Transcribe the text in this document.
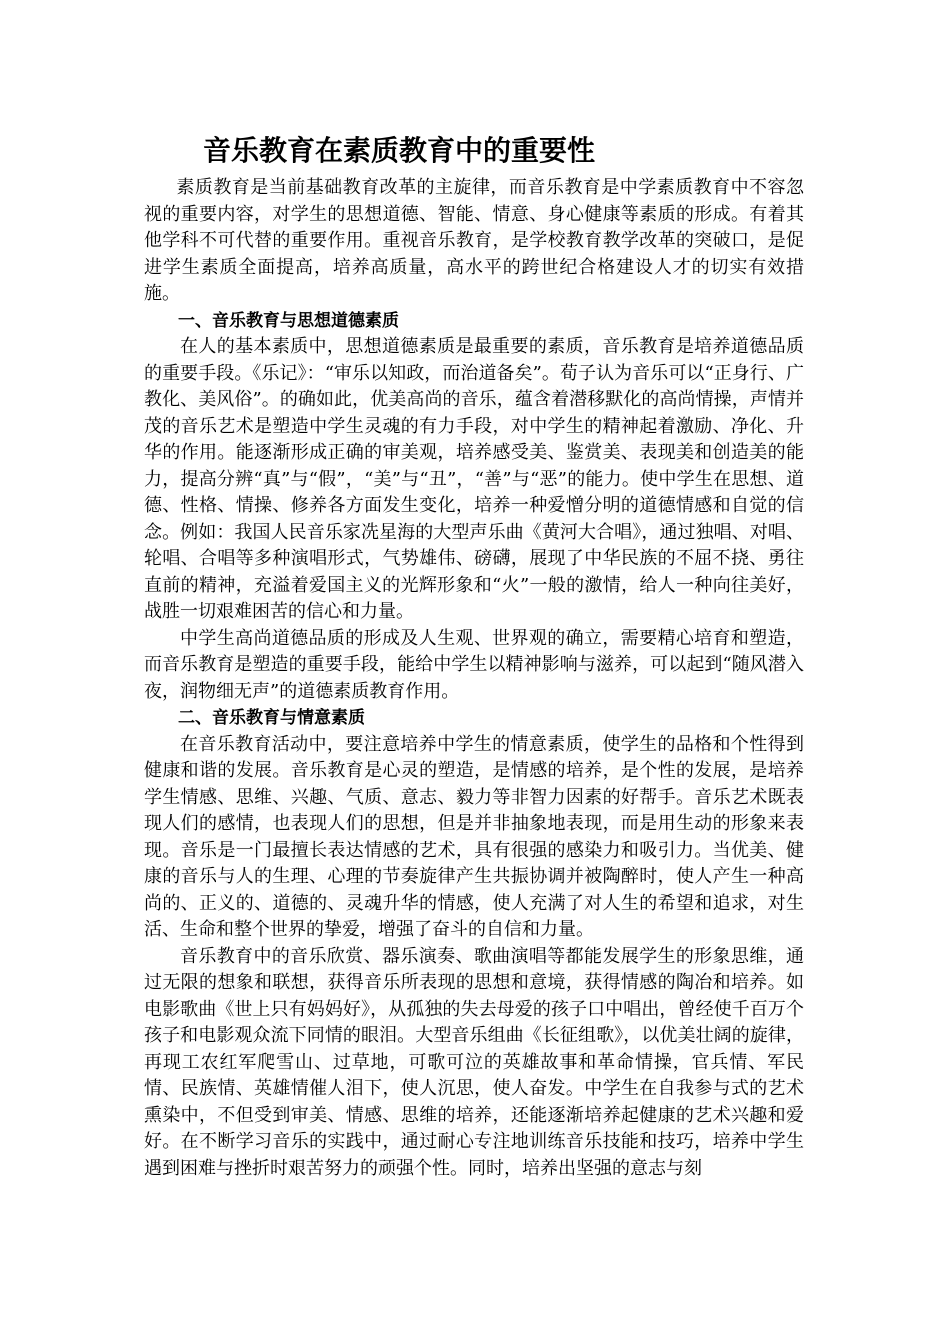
音乐教育在素质教育中的重要性

素质教育是当前基础教育改革的主旋律，而音乐教育是中学素质教育中不容忽视的重要内容，对学生的思想道德、智能、情意、身心健康等素质的形成。有着其他学科不可代替的重要作用。重视音乐教育，是学校教育教学改革的突破口，是促进学生素质全面提高，培养高质量，高水平的跨世纪合格建设人才的切实有效措施。

一、音乐教育与思想道德素质

在人的基本素质中，思想道德素质是最重要的素质，音乐教育是培养道德品质的重要手段。《乐记》：“审乐以知政，而治道备矣”。荀子认为音乐可以“正身行、广教化、美风俗”。的确如此，优美高尚的音乐，蕴含着潜移默化的高尚情操，声情并茂的音乐艺术是塑造中学生灵魂的有力手段，对中学生的精神起着激励、净化、升华的作用。能逐渐形成正确的审美观，培养感受美、鉴赏美、表现美和创造美的能力，提高分辨“真”与“假”，“美”与“丑”，“善”与“恶”的能力。使中学生在思想、道德、性格、情操、修养各方面发生变化，培养一种爱憎分明的道德情感和自觉的信念。例如：我国人民音乐家冼星海的大型声乐曲《黄河大合唱》，通过独唱、对唱、轮唱、合唱等多种演唱形式，气势雄伟、磅礴，展现了中华民族的不屈不挠、勇往直前的精神，充溢着爱国主义的光辉形象和“火”一般的激情，给人一种向往美好，战胜一切艰难困苦的信心和力量。

中学生高尚道德品质的形成及人生观、世界观的确立，需要精心培育和塑造，而音乐教育是塑造的重要手段，能给中学生以精神影响与滋养，可以起到“随风潜入夜，润物细无声”的道德素质教育作用。

二、音乐教育与情意素质

在音乐教育活动中，要注意培养中学生的情意素质，使学生的品格和个性得到健康和谐的发展。音乐教育是心灵的塑造，是情感的培养，是个性的发展，是培养学生情感、思维、兴趣、气质、意志、毅力等非智力因素的好帮手。音乐艺术既表现人们的感情，也表现人们的思想，但是并非抽象地表现，而是用生动的形象来表现。音乐是一门最擅长表达情感的艺术，具有很强的感染力和吸引力。当优美、健康的音乐与人的生理、心理的节奏旋律产生共振协调并被陶醉时，使人产生一种高尚的、正义的、道德的、灵魂升华的情感，使人充满了对人生的希望和追求，对生活、生命和整个世界的挚爱，增强了奋斗的自信和力量。

音乐教育中的音乐欣赏、器乐演奏、歌曲演唱等都能发展学生的形象思维，通过无限的想象和联想，获得音乐所表现的思想和意境，获得情感的陶冶和培养。如电影歌曲《世上只有妈妈好》，从孤独的失去母爱的孩子口中唱出，曾经使千百万个孩子和电影观众流下同情的眼泪。大型音乐组曲《长征组歌》，以优美壮阔的旋律，再现工农红军爬雪山、过草地，可歌可泣的英雄故事和革命情操，官兵情、军民情、民族情、英雄情催人泪下，使人沉思，使人奋发。中学生在自我参与式的艺术熏染中，不但受到审美、情感、思维的培养，还能逐渐培养起健康的艺术兴趣和爱好。在不断学习音乐的实践中，通过耐心专注地训练音乐技能和技巧，培养中学生遇到困难与挫折时艰苦努力的顽强个性。同时，培养出坚强的意志与刻
